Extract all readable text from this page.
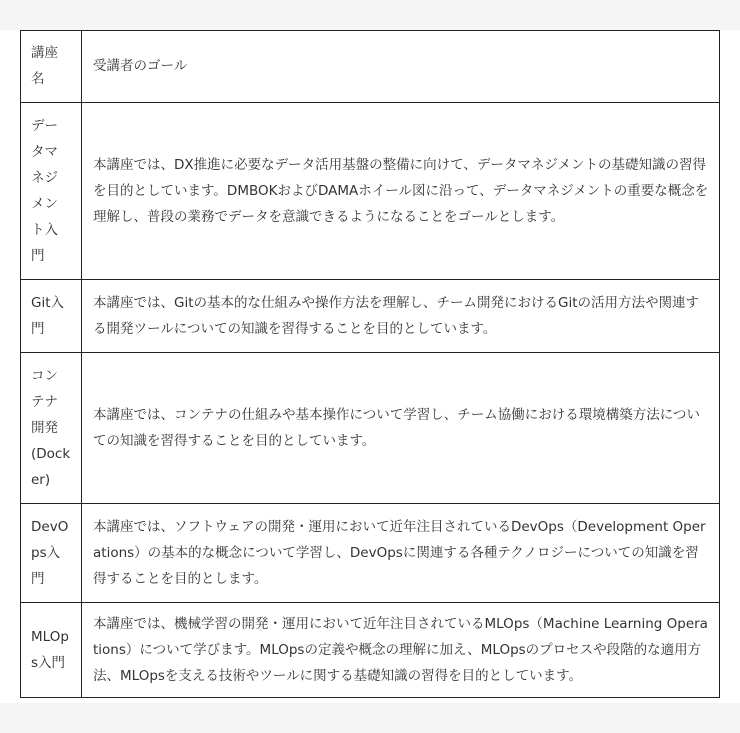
講座名	受講者のゴール
データマネジメント入門	本講座では、DX推進に必要なデータ活用基盤の整備に向けて、データマネジメントの基礎知識の習得を目的としています。DMBOKおよびDAMAホイール図に沿って、データマネジメントの重要な概念を理解し、普段の業務でデータを意識できるようになることをゴールとします。
Git入門	本講座では、Gitの基本的な仕組みや操作方法を理解し、チーム開発におけるGitの活用方法や関連する開発ツールについての知識を習得することを目的としています。
コンテナ開発(Docker)	本講座では、コンテナの仕組みや基本操作について学習し、チーム協働における環境構築方法についての知識を習得することを目的としています。
DevOps入門	本講座では、ソフトウェアの開発・運用において近年注目されているDevOps（Development Operations）の基本的な概念について学習し、DevOpsに関連する各種テクノロジーについての知識を習得することを目的とします。
MLOps入門	本講座では、機械学習の開発・運用において近年注目されているMLOps（Machine Learning Operations）について学びます。MLOpsの定義や概念の理解に加え、MLOpsのプロセスや段階的な適用方法、MLOpsを支える技術やツールに関する基礎知識の習得を目的としています。
